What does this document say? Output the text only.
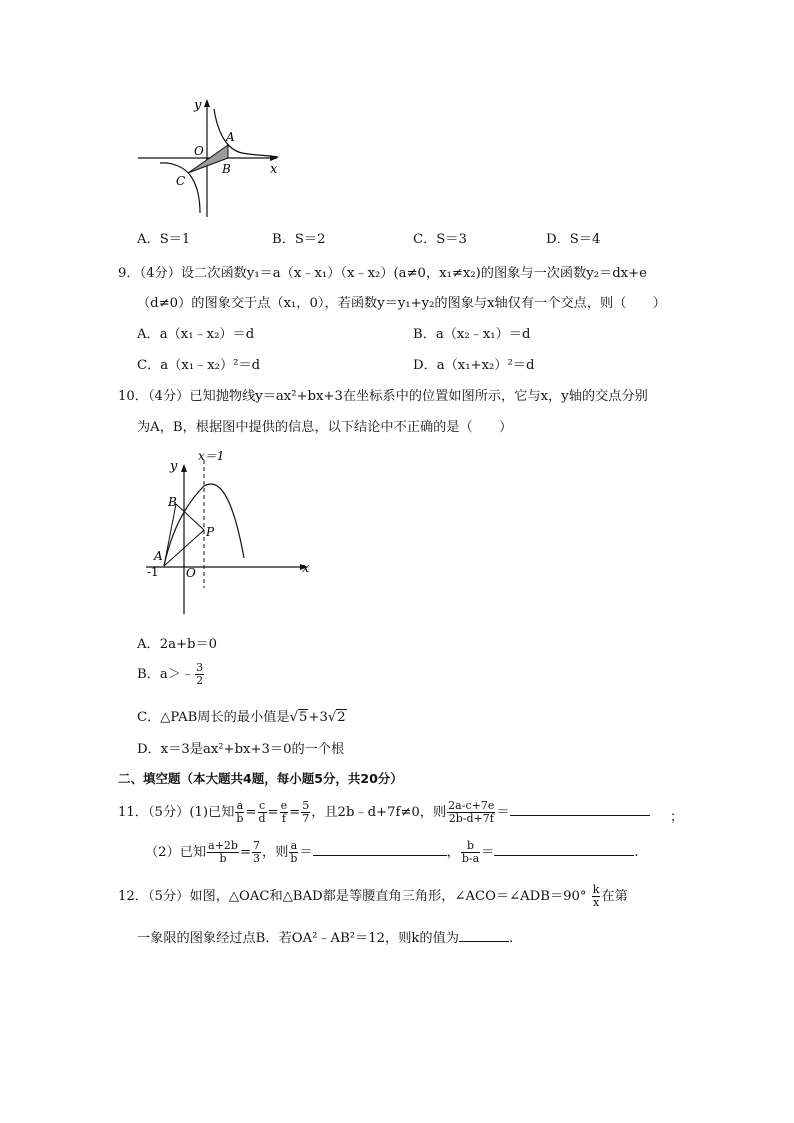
y
x
O
A
B
C
A．S＝1	B．S＝2	C．S＝3	D．S＝4
9．（4分）设二次函数y₁＝a（x﹣x₁）（x﹣x₂）(a≠0，x₁≠x₂)的图象与一次函数y₂＝dx+e
（d≠0）的图象交于点（x₁，0），若函数y＝y₁+y₂的图象与x轴仅有一个交点，则（　　）
A．a（x₁﹣x₂）＝d	B．a（x₂﹣x₁）＝d
C．a（x₁﹣x₂）²＝d	D．a（x₁+x₂）²＝d
10．（4分）已知抛物线y＝ax²+bx+3在坐标系中的位置如图所示，它与x，y轴的交点分别
为A，B，根据图中提供的信息，以下结论中不正确的是（　　）
x＝1
y
x
B
P
A
-1 O
A．2a+b＝0
B．a＞﹣ $\frac{3}{2}$
C．△PAB周长的最小值是√5+3√2
D．x＝3是ax²+bx+3＝0的一个根
二、填空题（本大题共4题，每小题5分，共20分）
11．（5分）(1)已知 $\frac{a}{b} = \frac{c}{d} = \frac{e}{f} = \frac{5}{7}$ ，且2b﹣d+7f≠0，则 $\frac{2a-c+7e}{2b-d+7f}$ ＝	；
（2）已知 $\frac{a+2b}{b} = \frac{7}{3}$ ，则 $\frac{a}{b}$ ＝	， $\frac{b}{b-a}$ ＝	.
12．（5分）如图，△OAC和△BAD都是等腰直角三角形，∠ACO＝∠ADB＝90° $\frac{k}{x}$ 在第
一象限的图象经过点B．若OA²﹣AB²＝12，则k的值为	.
